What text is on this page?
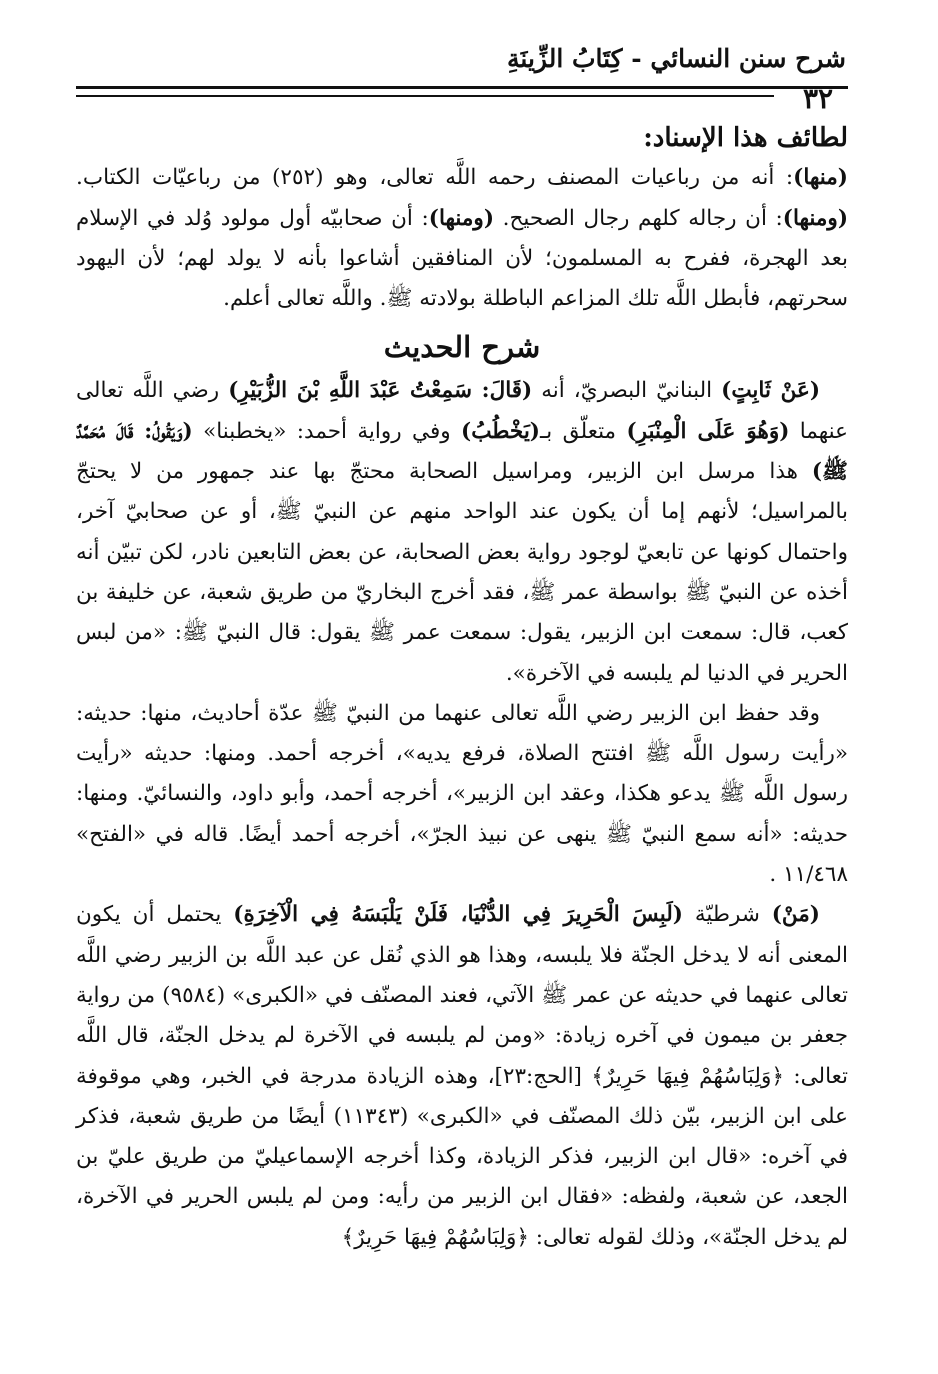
شرح سنن النسائي - كِتَابُ الزِّينَةِ
٣٢
لطائف هذا الإسناد:

(منها): أنه من رباعيات المصنف رحمه اللَّه تعالى، وهو (٢٥٢) من رباعيّات الكتاب. (ومنها): أن رجاله كلهم رجال الصحيح. (ومنها): أن صحابيّه أول مولود وُلد في الإسلام بعد الهجرة، ففرح به المسلمون؛ لأن المنافقين أشاعوا بأنه لا يولد لهم؛ لأن اليهود سحرتهم، فأبطل اللَّه تلك المزاعم الباطلة بولادته ﷺ. واللَّه تعالى أعلم.

شرح الحديث

(عَنْ ثَابِتٍ) البنانيّ البصريّ، أنه (قَالَ: سَمِعْتُ عَبْدَ اللَّهِ بْنَ الزُّبَيْرِ) رضي اللَّه تعالى عنهما (وَهُوَ عَلَى الْمِنْبَرِ) متعلّق بـ(يَخْطُبُ) وفي رواية أحمد: «يخطبنا» (وَيَقُولُ: قَالَ مُحَمَّدٌ ﷺ) هذا مرسل ابن الزبير، ومراسيل الصحابة محتجّ بها عند جمهور من لا يحتجّ بالمراسيل؛ لأنهم إما أن يكون عند الواحد منهم عن النبيّ ﷺ، أو عن صحابيّ آخر، واحتمال كونها عن تابعيّ لوجود رواية بعض الصحابة، عن بعض التابعين نادر، لكن تبيّن أنه أخذه عن النبيّ ﷺ بواسطة عمر ﷺ، فقد أخرج البخاريّ من طريق شعبة، عن خليفة بن كعب، قال: سمعت ابن الزبير، يقول: سمعت عمر ﷺ يقول: قال النبيّ ﷺ: «من لبس الحرير في الدنيا لم يلبسه في الآخرة».

وقد حفظ ابن الزبير رضي اللَّه تعالى عنهما من النبيّ ﷺ عدّة أحاديث، منها: حديثه: «رأيت رسول اللَّه ﷺ افتتح الصلاة، فرفع يديه»، أخرجه أحمد. ومنها: حديثه «رأيت رسول اللَّه ﷺ يدعو هكذا، وعقد ابن الزبير»، أخرجه أحمد، وأبو داود، والنسائيّ. ومنها: حديثه: «أنه سمع النبيّ ﷺ ينهى عن نبيذ الجرّ»، أخرجه أحمد أيضًا. قاله في «الفتح» ١١/٤٦٨ .

(مَنْ) شرطيّة (لَبِسَ الْحَرِيرَ فِي الدُّنْيَا، فَلَنْ يَلْبَسَهُ فِي الْآخِرَةِ) يحتمل أن يكون المعنى أنه لا يدخل الجنّة فلا يلبسه، وهذا هو الذي نُقل عن عبد اللَّه بن الزبير رضي اللَّه تعالى عنهما في حديثه عن عمر ﷺ الآتي، فعند المصنّف في «الكبرى» (٩٥٨٤) من رواية جعفر بن ميمون في آخره زيادة: «ومن لم يلبسه في الآخرة لم يدخل الجنّة، قال اللَّه تعالى: ﴿وَلِبَاسُهُمْ فِيهَا حَرِيرٌ﴾ [الحج:٢٣]، وهذه الزيادة مدرجة في الخبر، وهي موقوفة على ابن الزبير، بيّن ذلك المصنّف في «الكبرى» (١١٣٤٣) أيضًا من طريق شعبة، فذكر في آخره: «قال ابن الزبير، فذكر الزيادة، وكذا أخرجه الإسماعيليّ من طريق عليّ بن الجعد، عن شعبة، ولفظه: «فقال ابن الزبير من رأيه: ومن لم يلبس الحرير في الآخرة، لم يدخل الجنّة»، وذلك لقوله تعالى: ﴿وَلِبَاسُهُمْ فِيهَا حَرِيرٌ﴾
